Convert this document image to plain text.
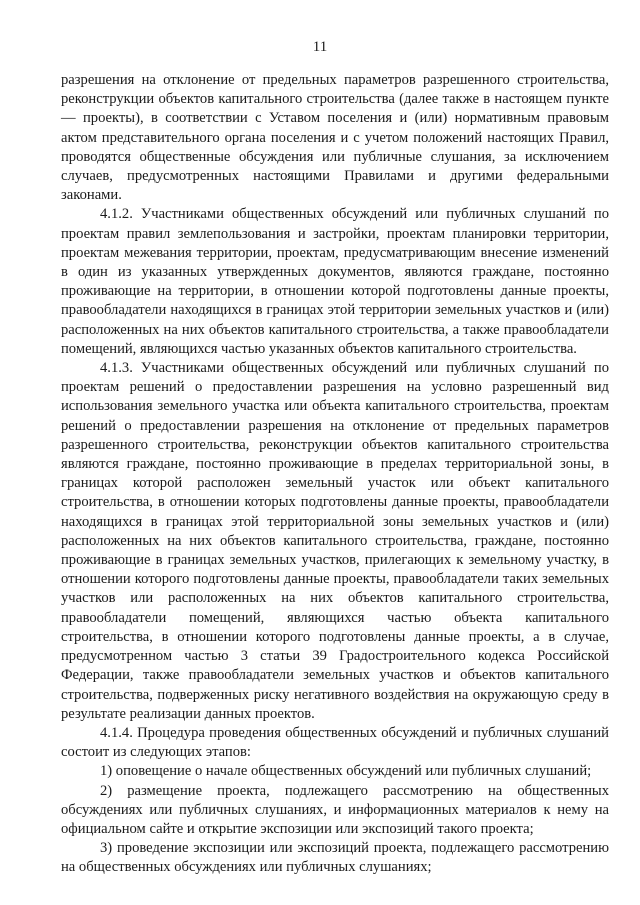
11

разрешения на отклонение от предельных параметров разрешенного строительства, реконструкции объектов капитального строительства (далее также в настоящем пункте — проекты), в соответствии с Уставом поселения и (или) нормативным правовым актом представительного органа поселения и с учетом положений настоящих Правил, проводятся общественные обсуждения или публичные слушания, за исключением случаев, предусмотренных настоящими Правилами и другими федеральными законами.

4.1.2. Участниками общественных обсуждений или публичных слушаний по проектам правил землепользования и застройки, проектам планировки территории, проектам межевания территории, проектам, предусматривающим внесение изменений в один из указанных утвержденных документов, являются граждане, постоянно проживающие на территории, в отношении которой подготовлены данные проекты, правообладатели находящихся в границах этой территории земельных участков и (или) расположенных на них объектов капитального строительства, а также правообладатели помещений, являющихся частью указанных объектов капитального строительства.

4.1.3. Участниками общественных обсуждений или публичных слушаний по проектам решений о предоставлении разрешения на условно разрешенный вид использования земельного участка или объекта капитального строительства, проектам решений о предоставлении разрешения на отклонение от предельных параметров разрешенного строительства, реконструкции объектов капитального строительства являются граждане, постоянно проживающие в пределах территориальной зоны, в границах которой расположен земельный участок или объект капитального строительства, в отношении которых подготовлены данные проекты, правообладатели находящихся в границах этой территориальной зоны земельных участков и (или) расположенных на них объектов капитального строительства, граждане, постоянно проживающие в границах земельных участков, прилегающих к земельному участку, в отношении которого подготовлены данные проекты, правообладатели таких земельных участков или расположенных на них объектов капитального строительства, правообладатели помещений, являющихся частью объекта капитального строительства, в отношении которого подготовлены данные проекты, а в случае, предусмотренном частью 3 статьи 39 Градостроительного кодекса Российской Федерации, также правообладатели земельных участков и объектов капитального строительства, подверженных риску негативного воздействия на окружающую среду в результате реализации данных проектов.

4.1.4. Процедура проведения общественных обсуждений и публичных слушаний состоит из следующих этапов:

1) оповещение о начале общественных обсуждений или публичных слушаний;

2) размещение проекта, подлежащего рассмотрению на общественных обсуждениях или публичных слушаниях, и информационных материалов к нему на официальном сайте и открытие экспозиции или экспозиций такого проекта;

3) проведение экспозиции или экспозиций проекта, подлежащего рассмотрению на общественных обсуждениях или публичных слушаниях;
